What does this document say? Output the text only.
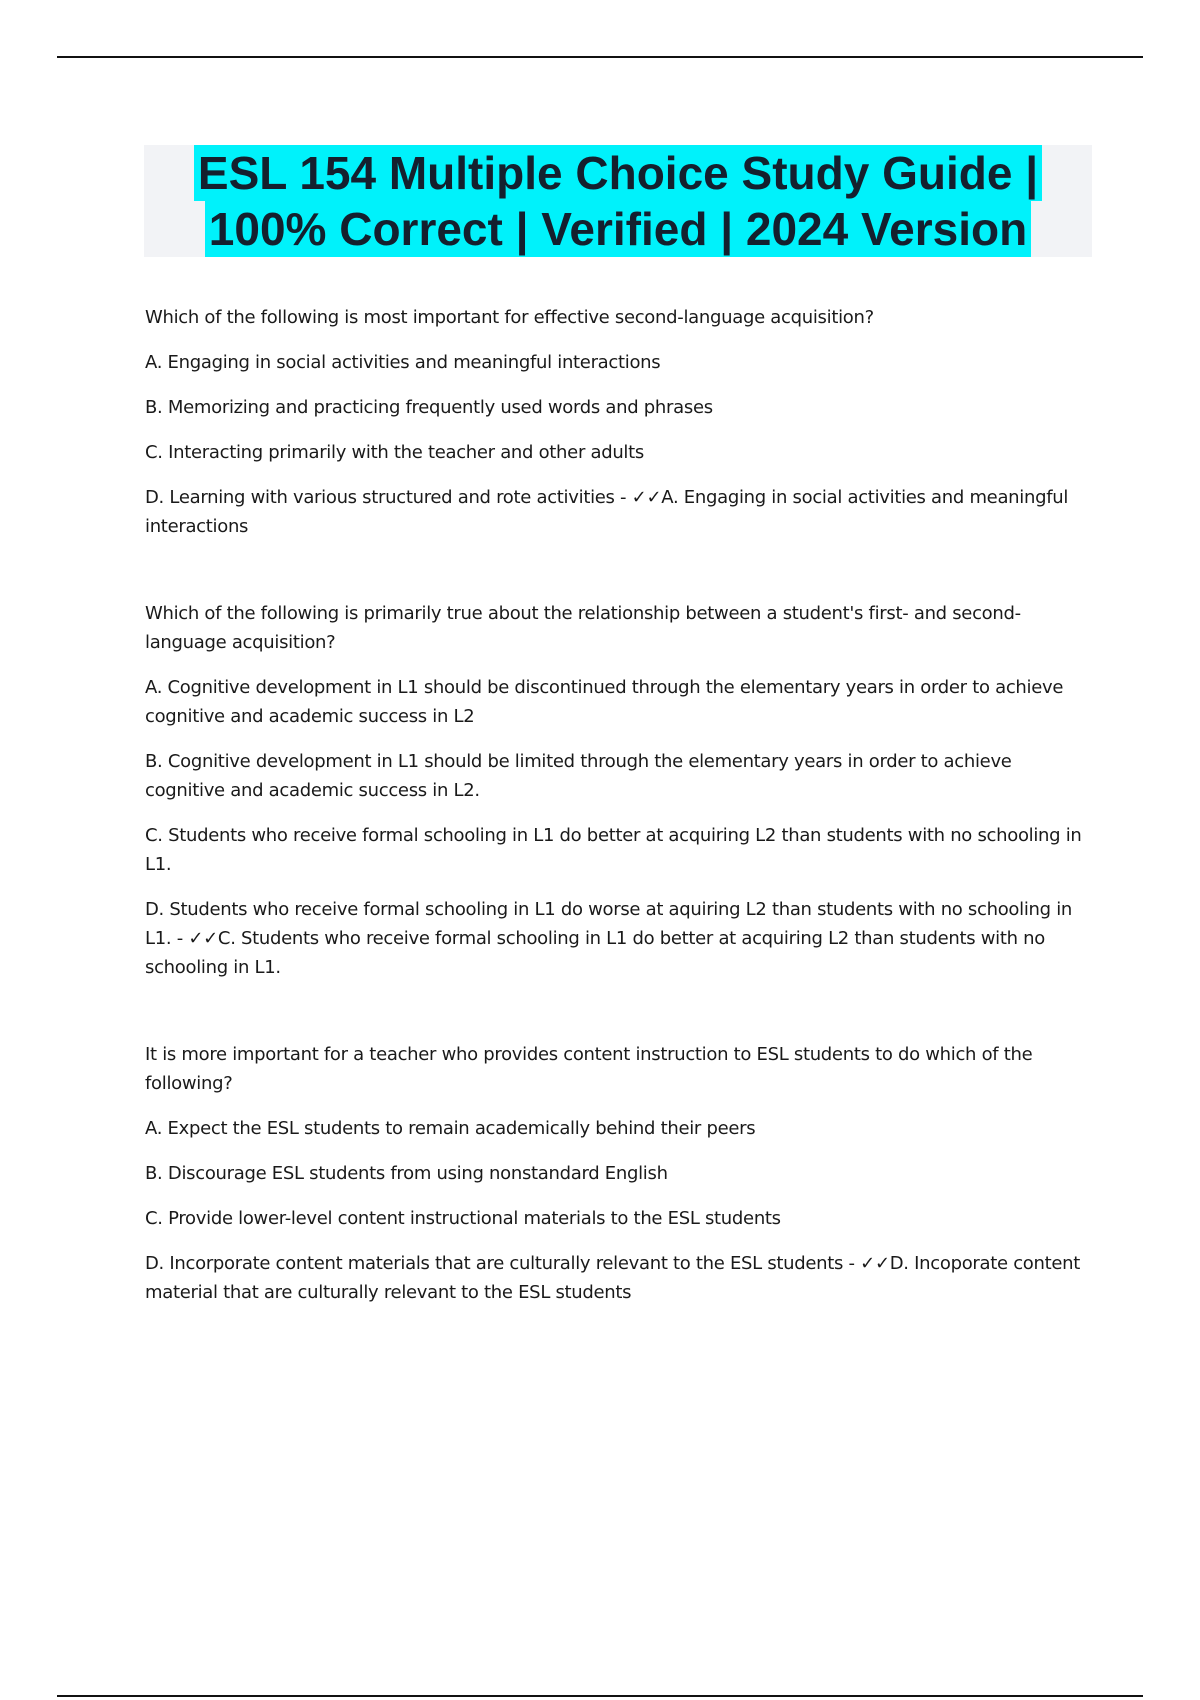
ESL 154 Multiple Choice Study Guide |
100% Correct | Verified | 2024 Version

Which of the following is most important for effective second-language acquisition?

A. Engaging in social activities and meaningful interactions

B. Memorizing and practicing frequently used words and phrases

C. Interacting primarily with the teacher and other adults

D. Learning with various structured and rote activities - ✓✓A. Engaging in social activities and meaningful interactions

Which of the following is primarily true about the relationship between a student's first- and second-language acquisition?

A. Cognitive development in L1 should be discontinued through the elementary years in order to achieve cognitive and academic success in L2

B. Cognitive development in L1 should be limited through the elementary years in order to achieve cognitive and academic success in L2.

C. Students who receive formal schooling in L1 do better at acquiring L2 than students with no schooling in L1.

D. Students who receive formal schooling in L1 do worse at aquiring L2 than students with no schooling in L1. - ✓✓C. Students who receive formal schooling in L1 do better at acquiring L2 than students with no schooling in L1.

It is more important for a teacher who provides content instruction to ESL students to do which of the following?

A. Expect the ESL students to remain academically behind their peers

B. Discourage ESL students from using nonstandard English

C. Provide lower-level content instructional materials to the ESL students

D. Incorporate content materials that are culturally relevant to the ESL students - ✓✓D. Incoporate content material that are culturally relevant to the ESL students
